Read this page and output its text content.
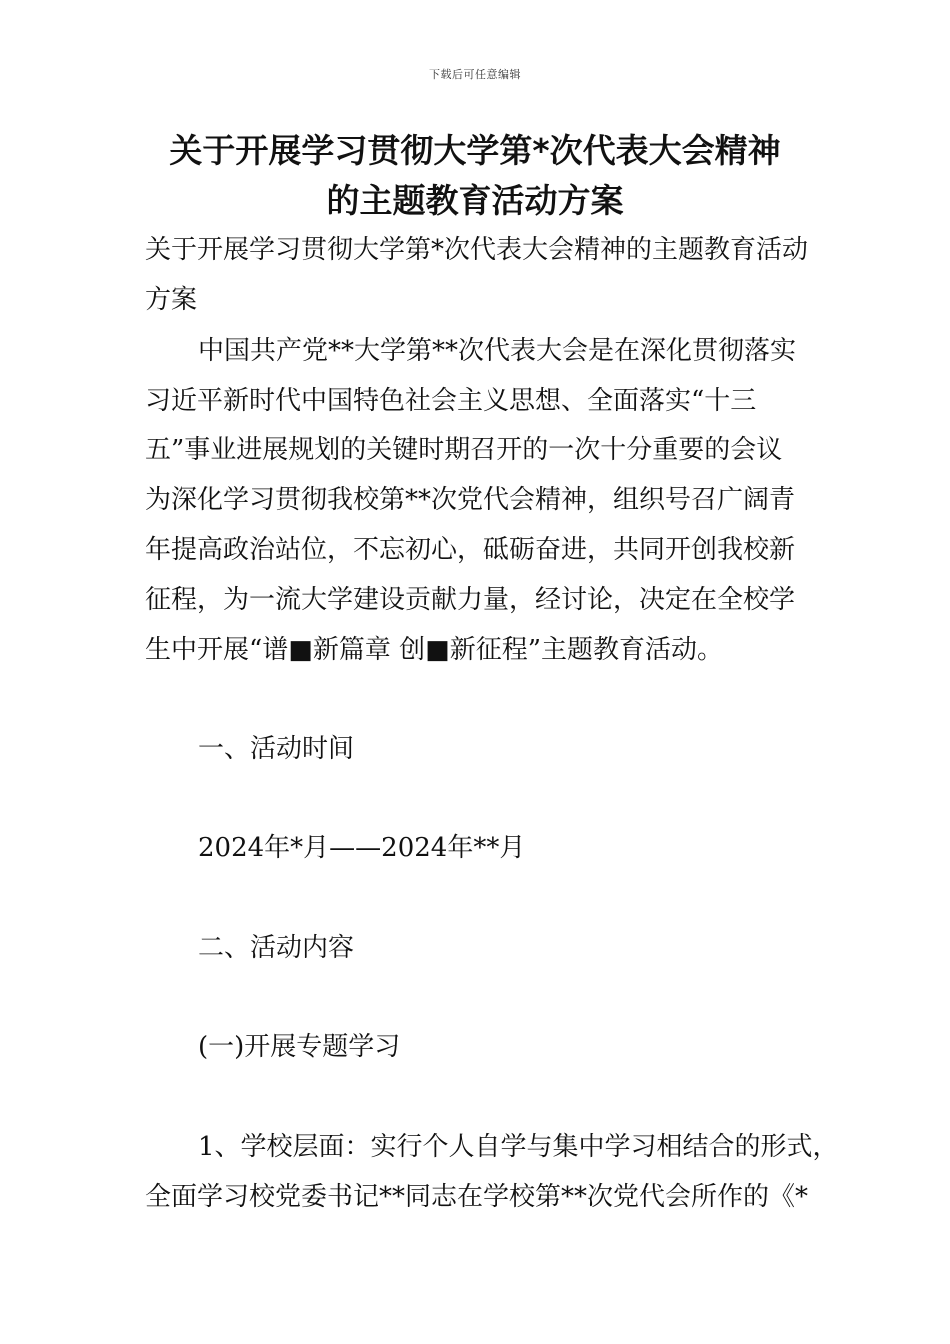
下载后可任意编辑
关于开展学习贯彻大学第*次代表大会精神
的主题教育活动方案
关于开展学习贯彻大学第*次代表大会精神的主题教育活动
方案
中国共产党**大学第**次代表大会是在深化贯彻落实
习近平新时代中国特色社会主义思想、全面落实“十三
五”事业进展规划的关键时期召开的一次十分重要的会议
为深化学习贯彻我校第**次党代会精神，组织号召广阔青
年提高政治站位，不忘初心，砥砺奋进，共同开创我校新
征程，为一流大学建设贡献力量，经讨论，决定在全校学
生中开展“谱■新篇章 创■新征程”主题教育活动。
一、活动时间
2024年*月——2024年**月
二、活动内容
(一)开展专题学习
1、学校层面：实行个人自学与集中学习相结合的形式，
全面学习校党委书记**同志在学校第**次党代会所作的《*
